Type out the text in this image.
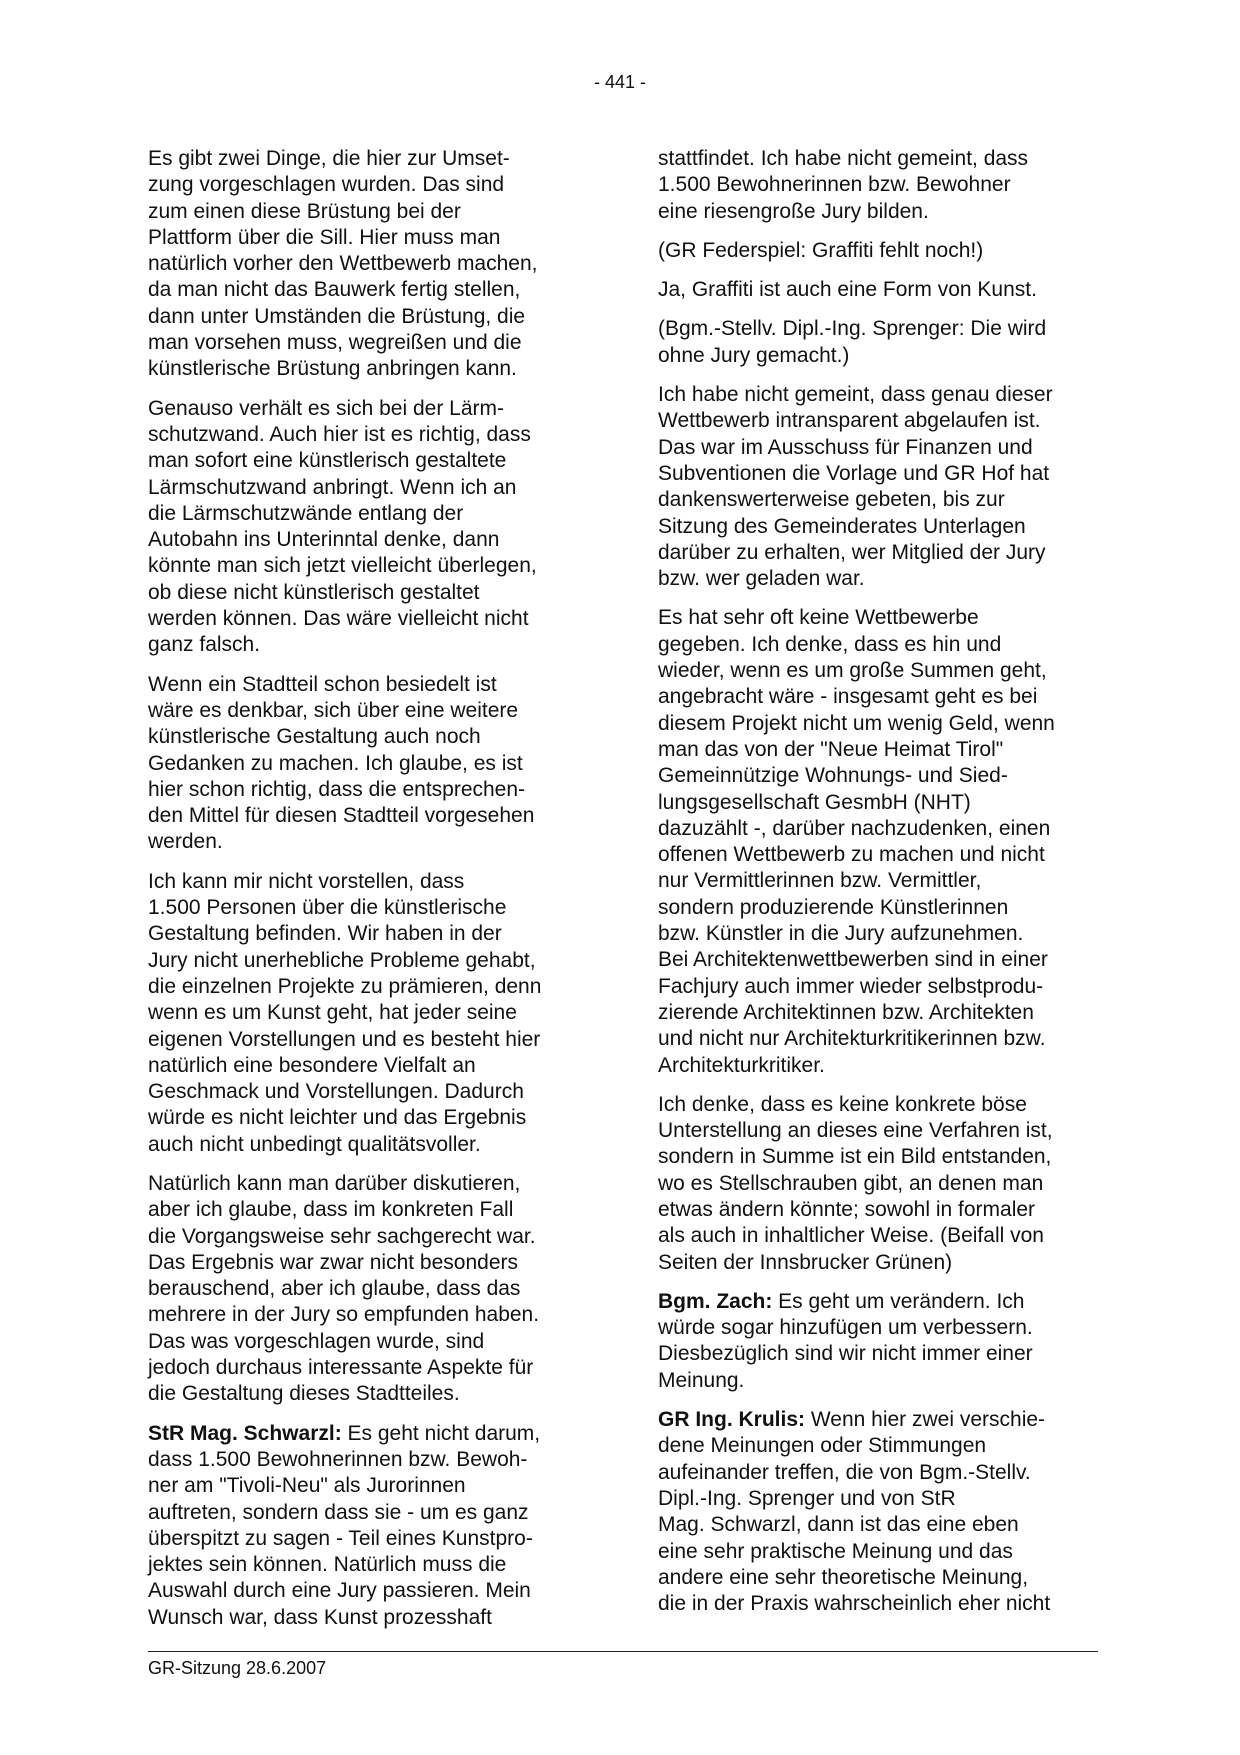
- 441 -

Es gibt zwei Dinge, die hier zur Umset-
zung vorgeschlagen wurden. Das sind
zum einen diese Brüstung bei der
Plattform über die Sill. Hier muss man
natürlich vorher den Wettbewerb machen,
da man nicht das Bauwerk fertig stellen,
dann unter Umständen die Brüstung, die
man vorsehen muss, wegreißen und die
künstlerische Brüstung anbringen kann.

Genauso verhält es sich bei der Lärm-
schutzwand. Auch hier ist es richtig, dass
man sofort eine künstlerisch gestaltete
Lärmschutzwand anbringt. Wenn ich an
die Lärmschutzwände entlang der
Autobahn ins Unterinntal denke, dann
könnte man sich jetzt vielleicht überlegen,
ob diese nicht künstlerisch gestaltet
werden können. Das wäre vielleicht nicht
ganz falsch.

Wenn ein Stadtteil schon besiedelt ist
wäre es denkbar, sich über eine weitere
künstlerische Gestaltung auch noch
Gedanken zu machen. Ich glaube, es ist
hier schon richtig, dass die entsprechen-
den Mittel für diesen Stadtteil vorgesehen
werden.

Ich kann mir nicht vorstellen, dass
1.500 Personen über die künstlerische
Gestaltung befinden. Wir haben in der
Jury nicht unerhebliche Probleme gehabt,
die einzelnen Projekte zu prämieren, denn
wenn es um Kunst geht, hat jeder seine
eigenen Vorstellungen und es besteht hier
natürlich eine besondere Vielfalt an
Geschmack und Vorstellungen. Dadurch
würde es nicht leichter und das Ergebnis
auch nicht unbedingt qualitätsvoller.

Natürlich kann man darüber diskutieren,
aber ich glaube, dass im konkreten Fall
die Vorgangsweise sehr sachgerecht war.
Das Ergebnis war zwar nicht besonders
berauschend, aber ich glaube, dass das
mehrere in der Jury so empfunden haben.
Das was vorgeschlagen wurde, sind
jedoch durchaus interessante Aspekte für
die Gestaltung dieses Stadtteiles.

StR Mag. Schwarzl: Es geht nicht darum,
dass 1.500 Bewohnerinnen bzw. Bewoh-
ner am "Tivoli-Neu" als Jurorinnen
auftreten, sondern dass sie - um es ganz
überspitzt zu sagen - Teil eines Kunstpro-
jektes sein können. Natürlich muss die
Auswahl durch eine Jury passieren. Mein
Wunsch war, dass Kunst prozesshaft

stattfindet. Ich habe nicht gemeint, dass
1.500 Bewohnerinnen bzw. Bewohner
eine riesengroße Jury bilden.

(GR Federspiel: Graffiti fehlt noch!)

Ja, Graffiti ist auch eine Form von Kunst.

(Bgm.-Stellv. Dipl.-Ing. Sprenger: Die wird
ohne Jury gemacht.)

Ich habe nicht gemeint, dass genau dieser
Wettbewerb intransparent abgelaufen ist.
Das war im Ausschuss für Finanzen und
Subventionen die Vorlage und GR Hof hat
dankenswerterweise gebeten, bis zur
Sitzung des Gemeinderates Unterlagen
darüber zu erhalten, wer Mitglied der Jury
bzw. wer geladen war.

Es hat sehr oft keine Wettbewerbe
gegeben. Ich denke, dass es hin und
wieder, wenn es um große Summen geht,
angebracht wäre - insgesamt geht es bei
diesem Projekt nicht um wenig Geld, wenn
man das von der "Neue Heimat Tirol"
Gemeinnützige Wohnungs- und Sied-
lungsgesellschaft GesmbH (NHT)
dazuzählt -, darüber nachzudenken, einen
offenen Wettbewerb zu machen und nicht
nur Vermittlerinnen bzw. Vermittler,
sondern produzierende Künstlerinnen
bzw. Künstler in die Jury aufzunehmen.
Bei Architektenwettbewerben sind in einer
Fachjury auch immer wieder selbstprodu-
zierende Architektinnen bzw. Architekten
und nicht nur Architekturkritikerinnen bzw.
Architekturkritiker.

Ich denke, dass es keine konkrete böse
Unterstellung an dieses eine Verfahren ist,
sondern in Summe ist ein Bild entstanden,
wo es Stellschrauben gibt, an denen man
etwas ändern könnte; sowohl in formaler
als auch in inhaltlicher Weise. (Beifall von
Seiten der Innsbrucker Grünen)

Bgm. Zach: Es geht um verändern. Ich
würde sogar hinzufügen um verbessern.
Diesbezüglich sind wir nicht immer einer
Meinung.

GR Ing. Krulis: Wenn hier zwei verschie-
dene Meinungen oder Stimmungen
aufeinander treffen, die von Bgm.-Stellv.
Dipl.-Ing. Sprenger und von StR
Mag. Schwarzl, dann ist das eine eben
eine sehr praktische Meinung und das
andere eine sehr theoretische Meinung,
die in der Praxis wahrscheinlich eher nicht

GR-Sitzung 28.6.2007
